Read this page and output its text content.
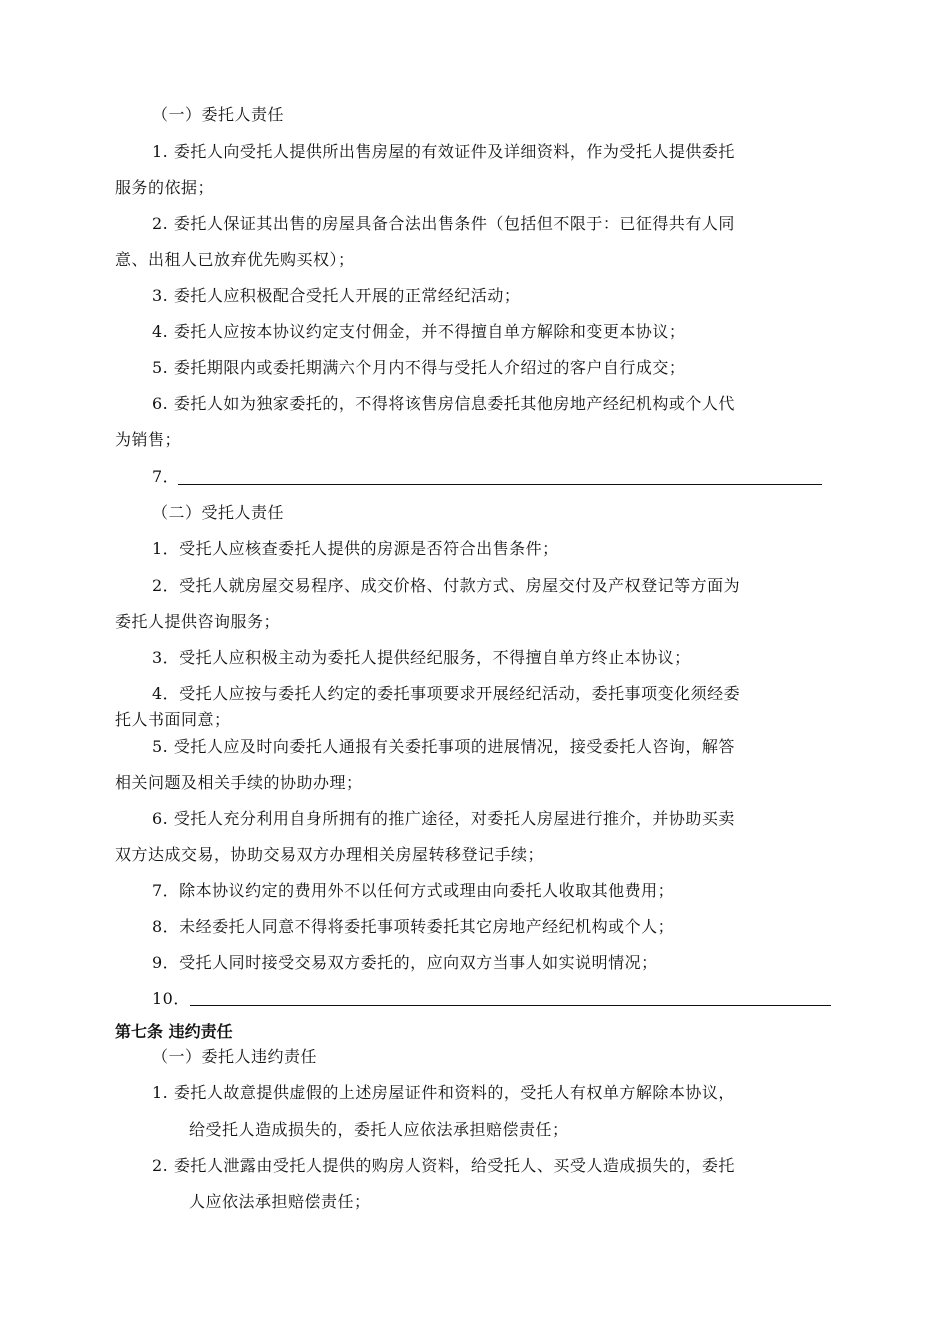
（一）委托人责任
1. 委托人向受托人提供所出售房屋的有效证件及详细资料，作为受托人提供委托
服务的依据；
2. 委托人保证其出售的房屋具备合法出售条件（包括但不限于：已征得共有人同
意、出租人已放弃优先购买权）；
3. 委托人应积极配合受托人开展的正常经纪活动；
4. 委托人应按本协议约定支付佣金，并不得擅自单方解除和变更本协议；
5. 委托期限内或委托期满六个月内不得与受托人介绍过的客户自行成交；
6. 委托人如为独家委托的，不得将该售房信息委托其他房地产经纪机构或个人代
为销售；
7．
（二）受托人责任
1．受托人应核查委托人提供的房源是否符合出售条件；
2．受托人就房屋交易程序、成交价格、付款方式、房屋交付及产权登记等方面为
委托人提供咨询服务；
3．受托人应积极主动为委托人提供经纪服务，不得擅自单方终止本协议；
4．受托人应按与委托人约定的委托事项要求开展经纪活动，委托事项变化须经委
托人书面同意；
5. 受托人应及时向委托人通报有关委托事项的进展情况，接受委托人咨询，解答
相关问题及相关手续的协助办理；
6. 受托人充分利用自身所拥有的推广途径，对委托人房屋进行推介，并协助买卖
双方达成交易，协助交易双方办理相关房屋转移登记手续；
7．除本协议约定的费用外不以任何方式或理由向委托人收取其他费用；
8．未经委托人同意不得将委托事项转委托其它房地产经纪机构或个人；
9．受托人同时接受交易双方委托的，应向双方当事人如实说明情况；
10．
第七条 违约责任
（一）委托人违约责任
1. 委托人故意提供虚假的上述房屋证件和资料的，受托人有权单方解除本协议，
给受托人造成损失的，委托人应依法承担赔偿责任；
2. 委托人泄露由受托人提供的购房人资料，给受托人、买受人造成损失的，委托
人应依法承担赔偿责任；
